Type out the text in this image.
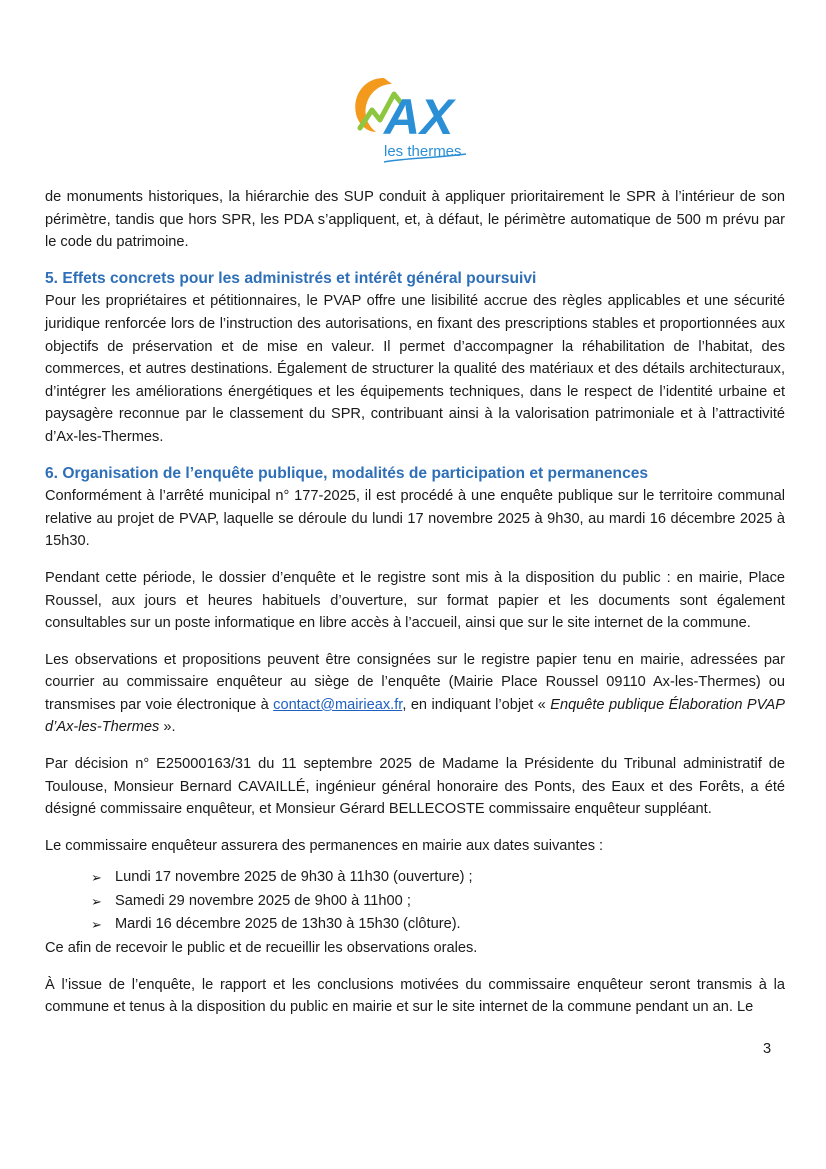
AX
les thermes

de monuments historiques, la hiérarchie des SUP conduit à appliquer prioritairement le SPR à l’intérieur de son périmètre, tandis que hors SPR, les PDA s’appliquent, et, à défaut, le périmètre automatique de 500 m prévu par le code du patrimoine.

5. Effets concrets pour les administrés et intérêt général poursuivi

Pour les propriétaires et pétitionnaires, le PVAP offre une lisibilité accrue des règles applicables et une sécurité juridique renforcée lors de l’instruction des autorisations, en fixant des prescriptions stables et proportionnées aux objectifs de préservation et de mise en valeur. Il permet d’accompagner la réhabilitation de l’habitat, des commerces, et autres destinations. Également de structurer la qualité des matériaux et des détails architecturaux, d’intégrer les améliorations énergétiques et les équipements techniques, dans le respect de l’identité urbaine et paysagère reconnue par le classement du SPR, contribuant ainsi à la valorisation patrimoniale et à l’attractivité d’Ax-les-Thermes.

6. Organisation de l’enquête publique, modalités de participation et permanences

Conformément à l’arrêté municipal n° 177-2025, il est procédé à une enquête publique sur le territoire communal relative au projet de PVAP, laquelle se déroule du lundi 17 novembre 2025 à 9h30, au mardi 16 décembre 2025 à 15h30.

Pendant cette période, le dossier d’enquête et le registre sont mis à la disposition du public : en mairie, Place Roussel, aux jours et heures habituels d’ouverture, sur format papier et les documents sont également consultables sur un poste informatique en libre accès à l’accueil, ainsi que sur le site internet de la commune.

Les observations et propositions peuvent être consignées sur le registre papier tenu en mairie, adressées par courrier au commissaire enquêteur au siège de l’enquête (Mairie Place Roussel 09110 Ax-les-Thermes) ou transmises par voie électronique à contact@mairieax.fr, en indiquant l’objet « Enquête publique Élaboration PVAP d’Ax-les-Thermes ».

Par décision n° E25000163/31 du 11 septembre 2025 de Madame la Présidente du Tribunal administratif de Toulouse, Monsieur Bernard CAVAILLÉ, ingénieur général honoraire des Ponts, des Eaux et des Forêts, a été désigné commissaire enquêteur, et Monsieur Gérard BELLECOSTE commissaire enquêteur suppléant.

Le commissaire enquêteur assurera des permanences en mairie aux dates suivantes :

➢ Lundi 17 novembre 2025 de 9h30 à 11h30 (ouverture) ;
➢ Samedi 29 novembre 2025 de 9h00 à 11h00 ;
➢ Mardi 16 décembre 2025 de 13h30 à 15h30 (clôture).

Ce afin de recevoir le public et de recueillir les observations orales.

À l’issue de l’enquête, le rapport et les conclusions motivées du commissaire enquêteur seront transmis à la commune et tenus à la disposition du public en mairie et sur le site internet de la commune pendant un an. Le

3
